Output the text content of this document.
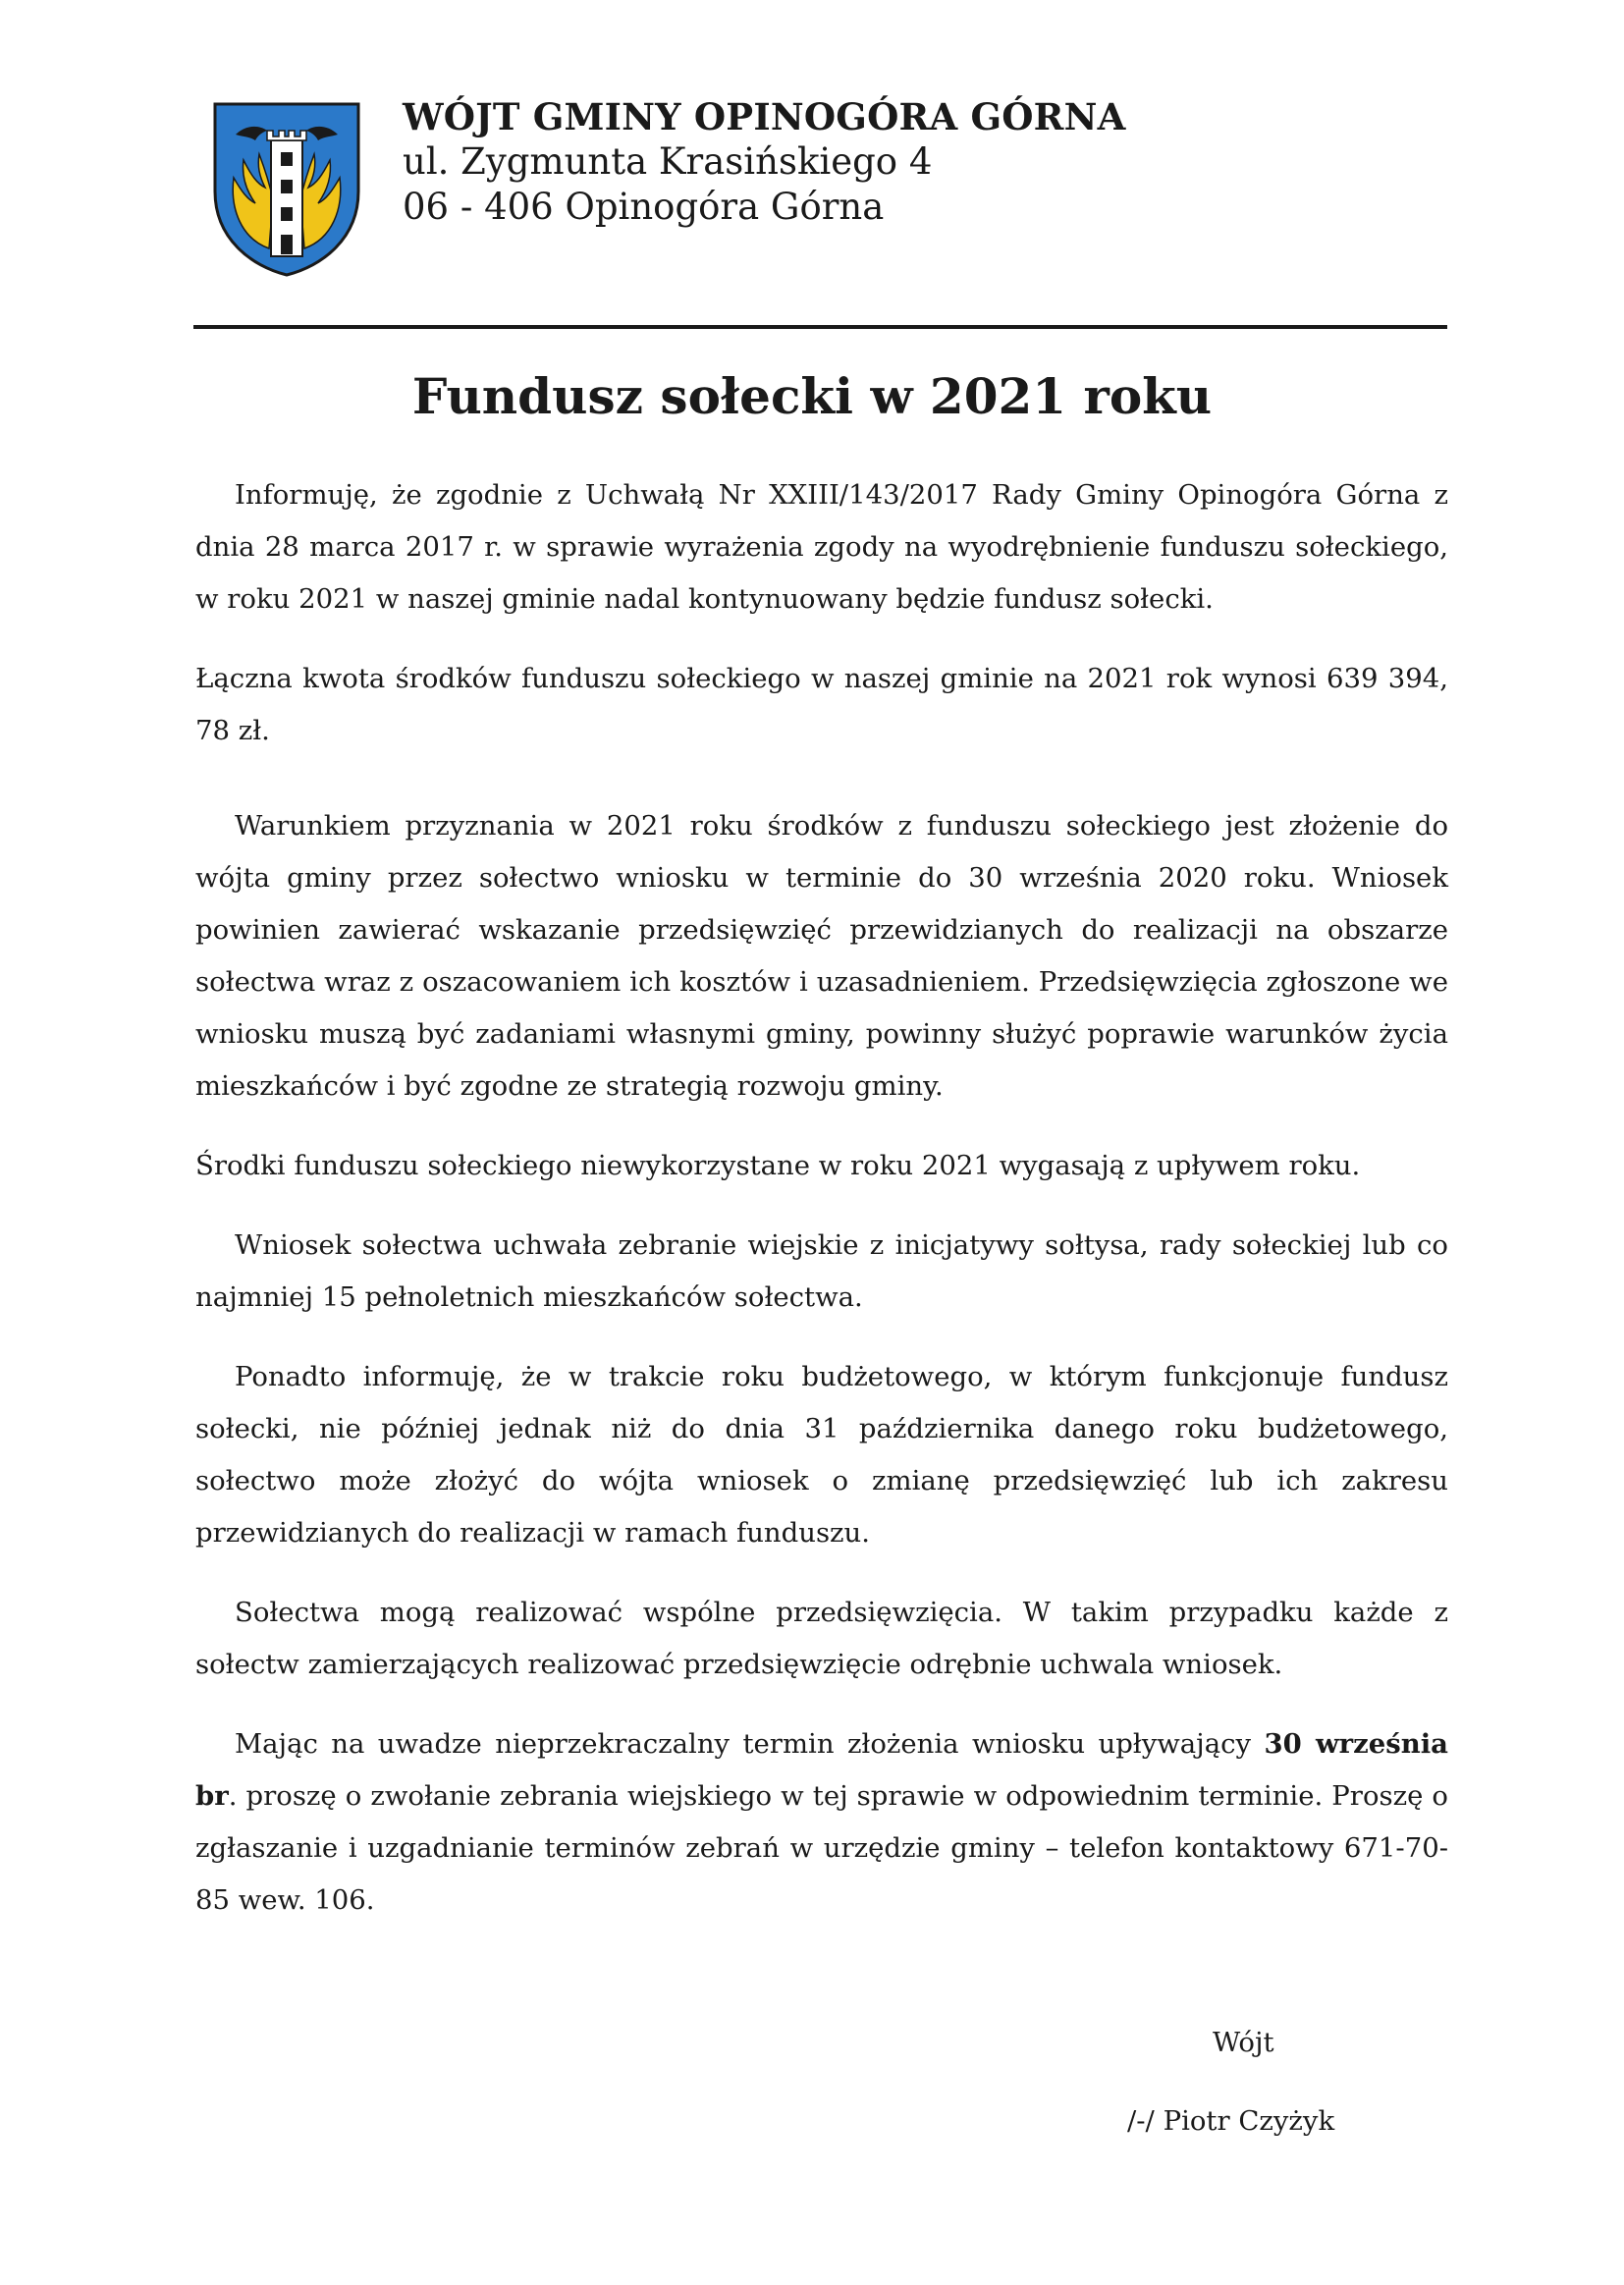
WÓJT GMINY OPINOGÓRA GÓRNA
ul. Zygmunta Krasińskiego 4
06 - 406 Opinogóra Górna
Fundusz sołecki w 2021 roku

Informuję, że zgodnie z Uchwałą Nr XXIII/143/2017 Rady Gminy Opinogóra Górna z dnia 28 marca 2017 r. w sprawie wyrażenia zgody na wyodrębnienie funduszu sołeckiego, w roku 2021 w naszej gminie nadal kontynuowany będzie fundusz sołecki.

Łączna kwota środków funduszu sołeckiego w naszej gminie na 2021 rok wynosi 639 394, 78 zł.

Warunkiem przyznania w 2021 roku środków z funduszu sołeckiego jest złożenie do wójta gminy przez sołectwo wniosku w terminie do 30 września 2020 roku. Wniosek powinien zawierać wskazanie przedsięwzięć przewidzianych do realizacji na obszarze sołectwa wraz z oszacowaniem ich kosztów i uzasadnieniem. Przedsięwzięcia zgłoszone we wniosku muszą być zadaniami własnymi gminy, powinny służyć poprawie warunków życia mieszkańców i być zgodne ze strategią rozwoju gminy.

Środki funduszu sołeckiego niewykorzystane w roku 2021 wygasają z upływem roku.

Wniosek sołectwa uchwała zebranie wiejskie z inicjatywy sołtysa, rady sołeckiej lub co najmniej 15 pełnoletnich mieszkańców sołectwa.

Ponadto informuję, że w trakcie roku budżetowego, w którym funkcjonuje fundusz sołecki, nie później jednak niż do dnia 31 października danego roku budżetowego, sołectwo może złożyć do wójta wniosek o zmianę przedsięwzięć lub ich zakresu przewidzianych do realizacji w ramach funduszu.

Sołectwa mogą realizować wspólne przedsięwzięcia. W takim przypadku każde z sołectw zamierzających realizować przedsięwzięcie odrębnie uchwala wniosek.

Mając na uwadze nieprzekraczalny termin złożenia wniosku upływający 30 września br. proszę o zwołanie zebrania wiejskiego w tej sprawie w odpowiednim terminie. Proszę o zgłaszanie i uzgadnianie terminów zebrań w urzędzie gminy – telefon kontaktowy 671-70-85 wew. 106.

Wójt
/-/ Piotr Czyżyk
